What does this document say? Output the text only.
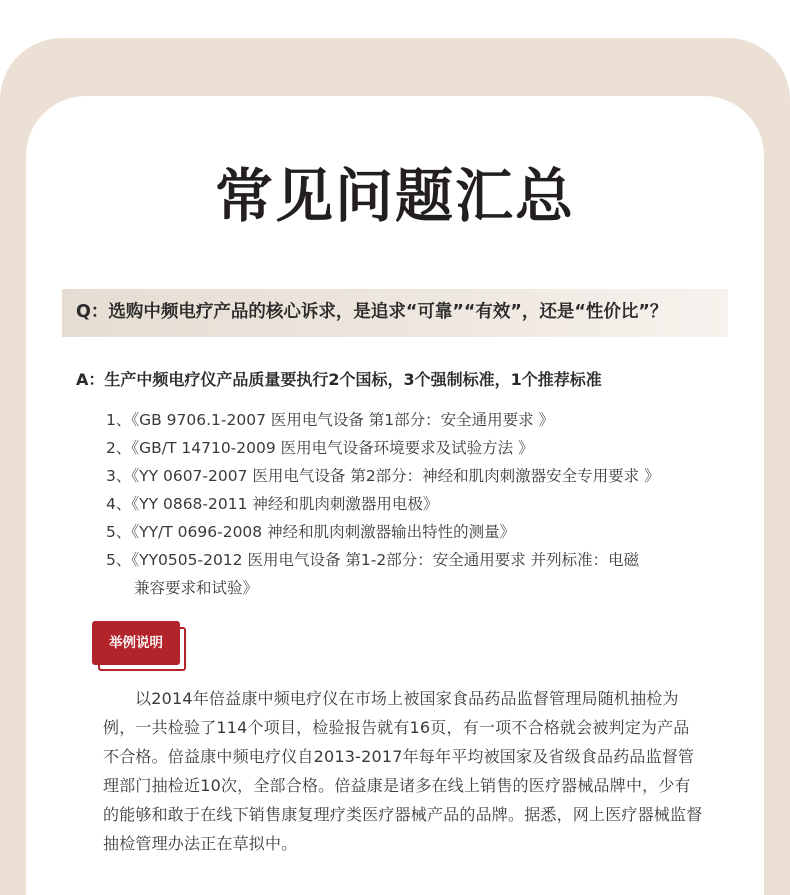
常见问题汇总
Q：选购中频电疗产品的核心诉求，是追求“可靠”“有效”，还是“性价比”？
A：生产中频电疗仪产品质量要执行2个国标，3个强制标准，1个推荐标准
1、《GB 9706.1-2007 医用电气设备 第1部分：安全通用要求 》
2、《GB/T 14710-2009 医用电气设备环境要求及试验方法 》
3、《YY 0607-2007 医用电气设备 第2部分：神经和肌肉刺激器安全专用要求 》
4、《YY 0868-2011 神经和肌肉刺激器用电极》
5、《YY/T 0696-2008 神经和肌肉刺激器输出特性的测量》
5、《YY0505-2012 医用电气设备 第1-2部分：安全通用要求 并列标准：电磁
兼容要求和试验》
举例说明

以2014年倍益康中频电疗仪在市场上被国家食品药品监督管理局随机抽检为例，一共检验了114个项目，检验报告就有16页，有一项不合格就会被判定为产品不合格。倍益康中频电疗仪自2013-2017年每年平均被国家及省级食品药品监督管理部门抽检近10次，全部合格。倍益康是诸多在线上销售的医疗器械品牌中，少有的能够和敢于在线下销售康复理疗类医疗器械产品的品牌。据悉，网上医疗器械监督抽检管理办法正在草拟中。
